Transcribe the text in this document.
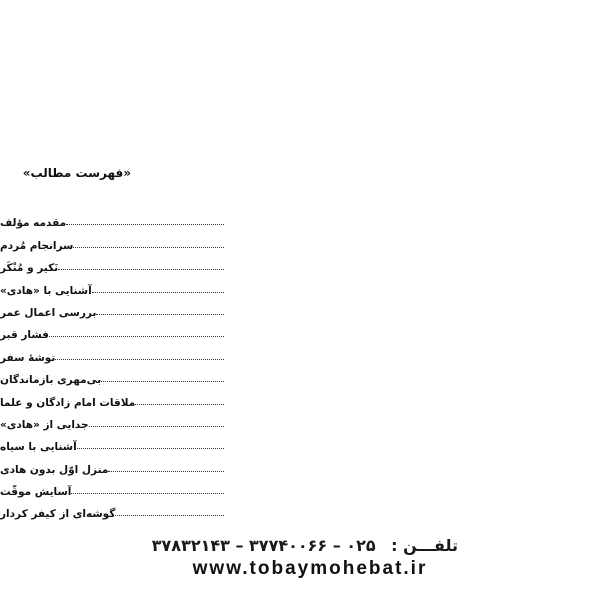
«فهرست مطالب»
مقدمه مؤلف
سرانجام مُردم
نَکیر و مُنْکَر
آشنایی با «هادی»
بررسی اعمال عمر
فشار قبر
توشهٔ سفر
بی‌مهری بازماندگان
ملاقات امام زادگان و علما
جدایی از «هادی»
آشنایی با سیاه
منزل اوّل بدون هادی
آسایش موقّت
گوشه‌ای از کیفر کردار
تلفـــن : ۰۲۵ – ۳۷۷۴۰۰۶۶ – ۳۷۸۳۲۱۴۳
www.tobaymohebat.ir
